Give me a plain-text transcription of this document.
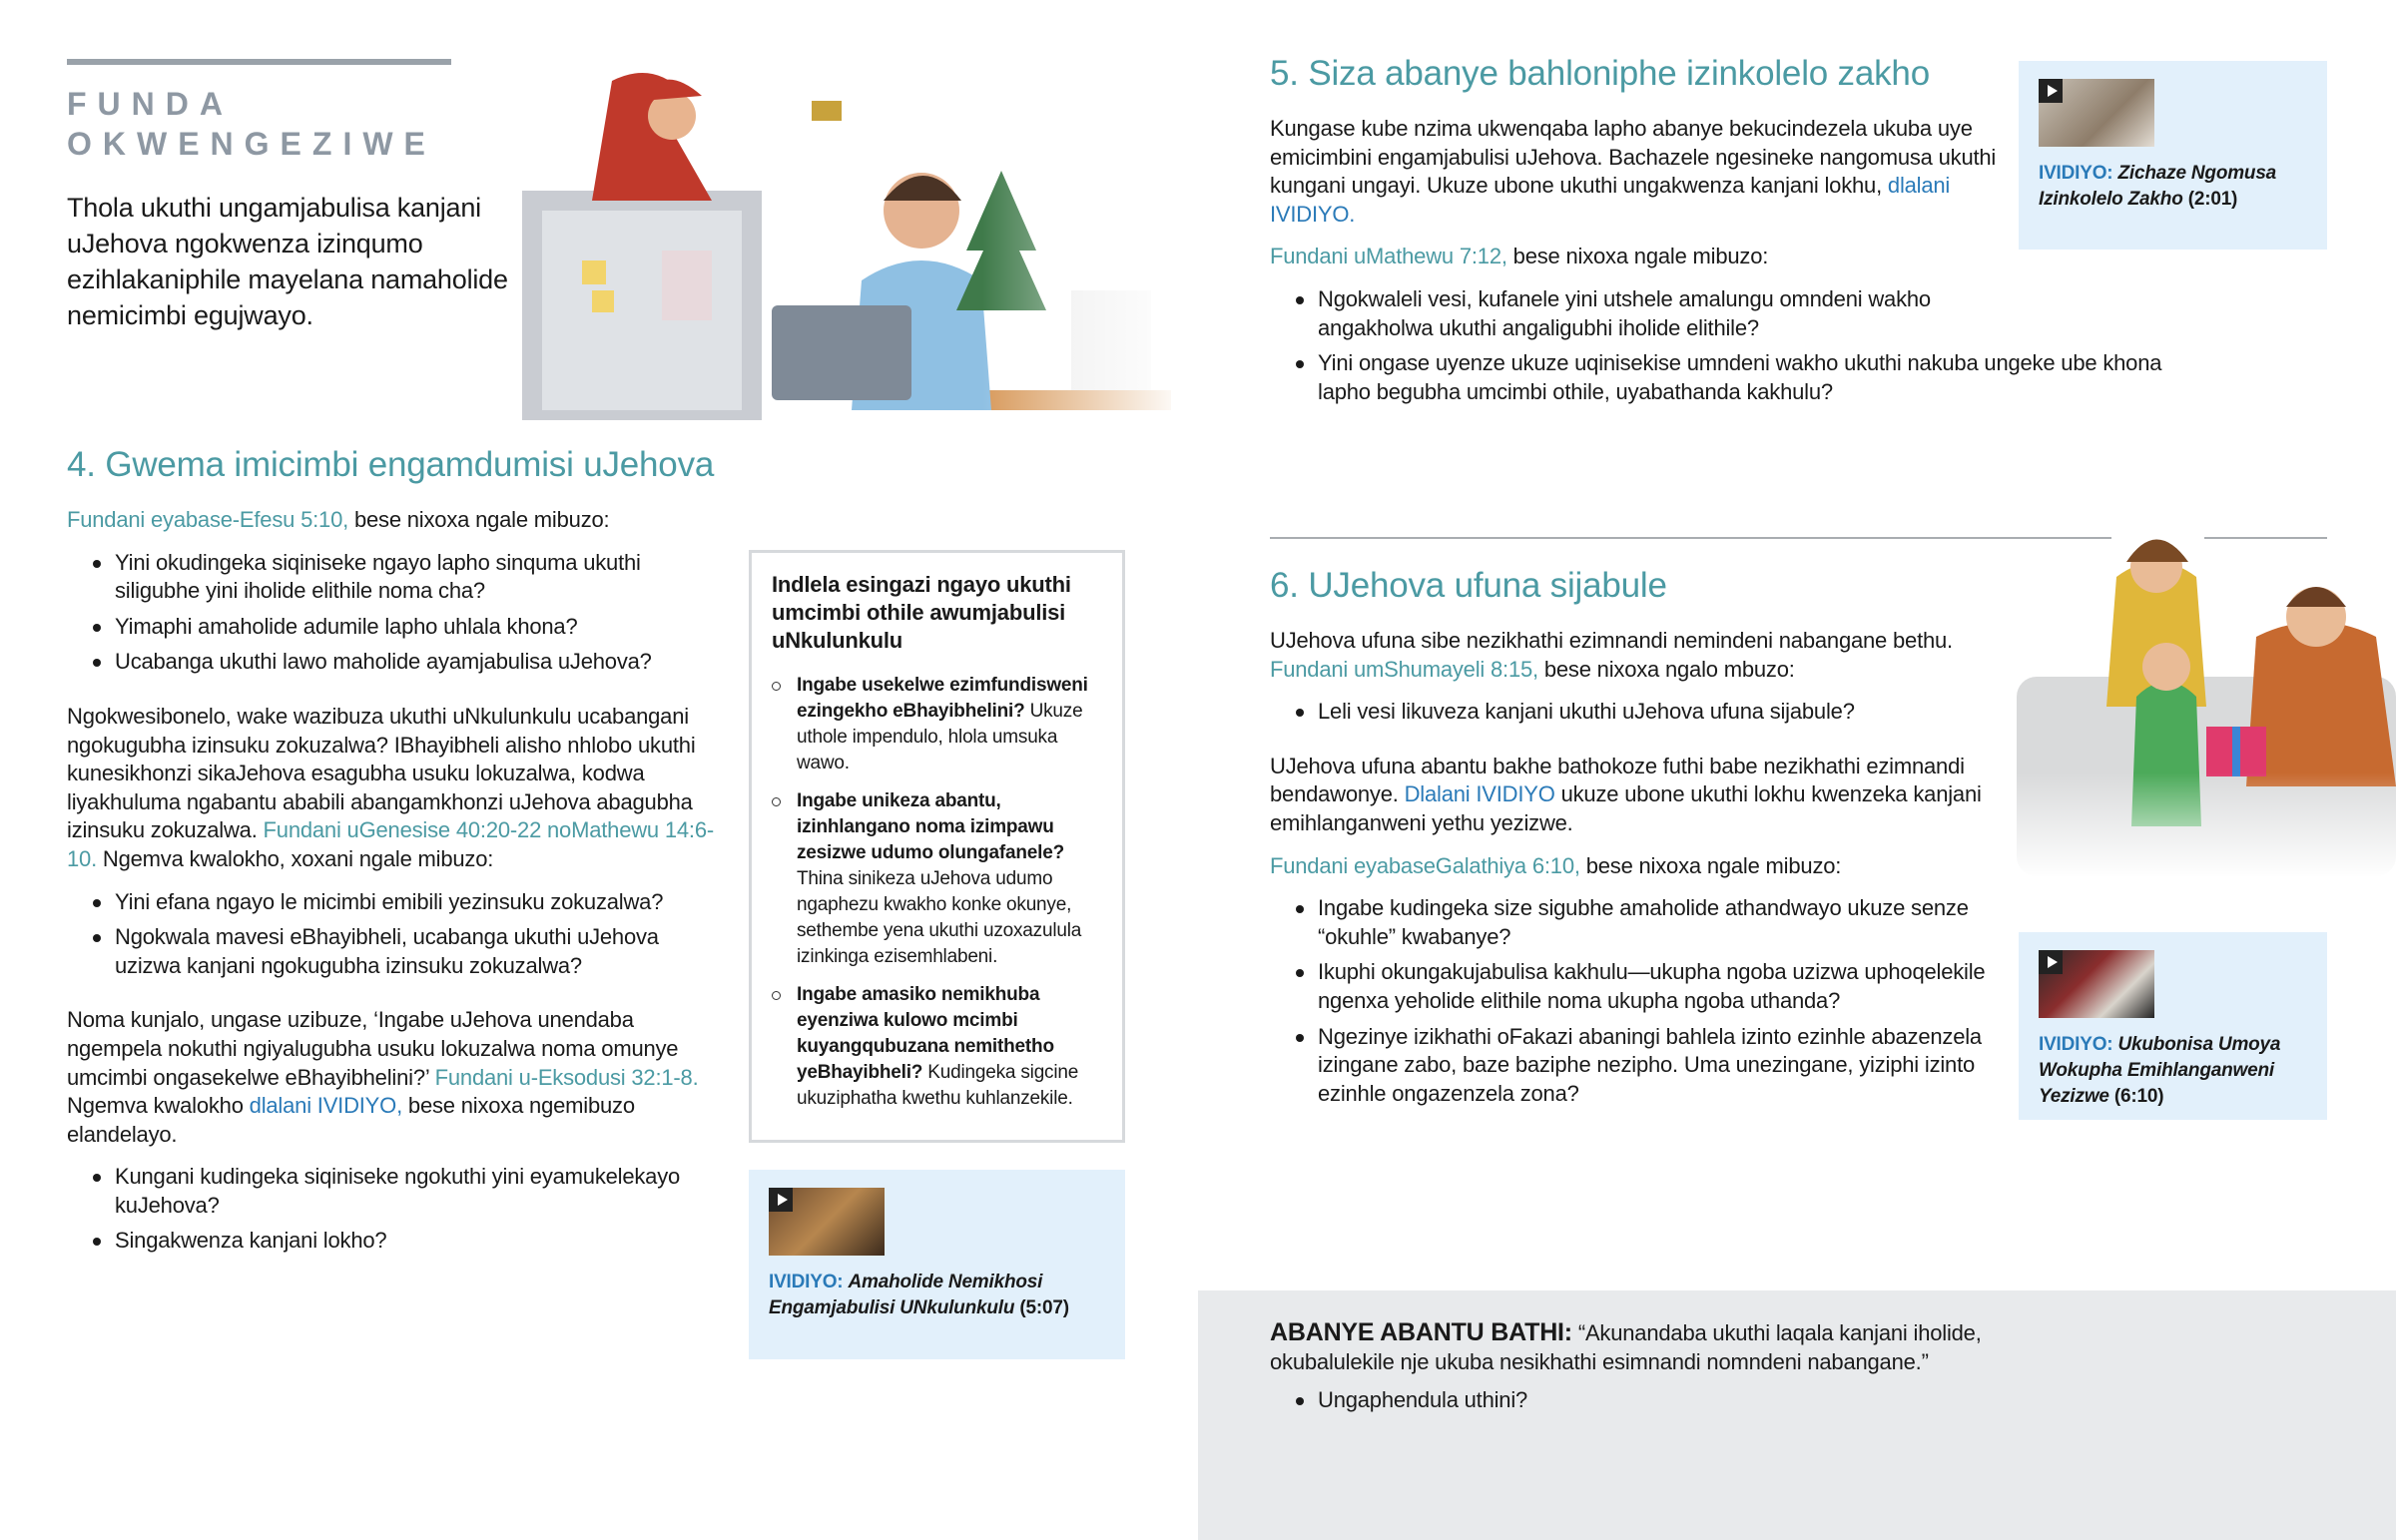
FUNDA
OKWENGEZIWE
Thola ukuthi ungamjabulisa kanjani uJehova ngokwenza izinqumo ezihlakaniphile mayelana namaholide nemicimbi egujwayo.
4. Gwema imicimbi engamdumisi uJehova

Fundani eyabase-Efesu 5:10, bese nixoxa ngale mibuzo:

Yini okudingeka siqiniseke ngayo lapho sinquma ukuthi siligubhe yini iholide elithile noma cha?
Yimaphi amaholide adumile lapho uhlala khona?
Ucabanga ukuthi lawo maholide ayamjabulisa uJehova?

Ngokwesibonelo, wake wazibuza ukuthi uNkulunkulu ucabangani ngokugubha izinsuku zokuzalwa? IBhayibheli alisho nhlobo ukuthi kunesikhonzi sikaJehova esagubha usuku lokuzalwa, kodwa liyakhuluma ngabantu ababili abangamkhonzi uJehova abagubha izinsuku zokuzalwa. Fundani uGenesise 40:20-22 noMathewu 14:6-10. Ngemva kwalokho, xoxani ngale mibuzo:

Yini efana ngayo le micimbi emibili yezinsuku zokuzalwa?
Ngokwala mavesi eBhayibheli, ucabanga ukuthi uJehova uzizwa kanjani ngokugubha izinsuku zokuzalwa?

Noma kunjalo, ungase uzibuze, ‘Ingabe uJehova unendaba ngempela nokuthi ngiyalugubha usuku lokuzalwa noma omunye umcimbi ongasekelwe eBhayibhelini?’ Fundani u-Eksodusi 32:1-8. Ngemva kwalokho dlalani IVIDIYO, bese nixoxa ngemibuzo elandelayo.

Kungani kudingeka siqiniseke ngokuthi yini eyamukelekayo kuJehova?
Singakwenza kanjani lokho?
Indlela esingazi ngayo ukuthi umcimbi othile awumjabulisi uNkulunkulu
Ingabe usekelwe ezimfundisweni ezingekho eBhayibhelini? Ukuze uthole impendulo, hlola umsuka wawo.
Ingabe unikeza abantu, izinhlangano noma izimpawu zesizwe udumo olungafanele? Thina sinikeza uJehova udumo ngaphezu kwakho konke okunye, sethembe yena ukuthi uzoxazulula izinkinga ezisemhlabeni.
Ingabe amasiko nemikhuba eyenziwa kulowo mcimbi kuyangqubuzana nemithetho yeBhayibheli? Kudingeka sigcine ukuziphatha kwethu kuhlanzekile.
IVIDIYO: Amaholide Nemikhosi Engamjabulisi UNkulunkulu (5:07)
5. Siza abanye bahloniphe izinkolelo zakho

Kungase kube nzima ukwenqaba lapho abanye bekucindezela ukuba uye emicimbini engamjabulisi uJehova. Bachazele ngesineke nangomusa ukuthi kungani ungayi. Ukuze ubone ukuthi ungakwenza kanjani lokhu, dlalani IVIDIYO.

Fundani uMathewu 7:12, bese nixoxa ngale mibuzo:

Ngokwaleli vesi, kufanele yini utshele amalungu omndeni wakho angakholwa ukuthi angaligubhi iholide elithile?
Yini ongase uyenze ukuze uqinisekise umndeni wakho ukuthi nakuba ungeke ube khona lapho begubha umcimbi othile, uyabathanda kakhulu?
IVIDIYO: Zichaze Ngomusa Izinkolelo Zakho (2:01)
6. UJehova ufuna sijabule

UJehova ufuna sibe nezikhathi ezimnandi nemindeni nabangane bethu. Fundani umShumayeli 8:15, bese nixoxa ngalo mbuzo:

Leli vesi likuveza kanjani ukuthi uJehova ufuna sijabule?

UJehova ufuna abantu bakhe bathokoze futhi babe nezikhathi ezimnandi bendawonye. Dlalani IVIDIYO ukuze ubone ukuthi lokhu kwenzeka kanjani emihlanganweni yethu yezizwe.

Fundani eyabaseGalathiya 6:10, bese nixoxa ngale mibuzo:

Ingabe kudingeka size sigubhe amaholide athandwayo ukuze senze “okuhle” kwabanye?
Ikuphi okungakujabulisa kakhulu—ukupha ngoba uzizwa uphoqelekile ngenxa yeholide elithile noma ukupha ngoba uthanda?
Ngezinye izikhathi oFakazi abaningi bahlela izinto ezinhle abazenzela izingane zabo, baze baziphe nezipho. Uma unezingane, yiziphi izinto ezinhle ongazenzela zona?
IVIDIYO: Ukubonisa Umoya Wokupha Emihlanganweni Yezizwe (6:10)

ABANYE ABANTU BATHI: “Akunandaba ukuthi laqala kanjani iholide, okubalulekile nje ukuba nesikhathi esimnandi nomndeni nabangane.”

Ungaphendula uthini?
